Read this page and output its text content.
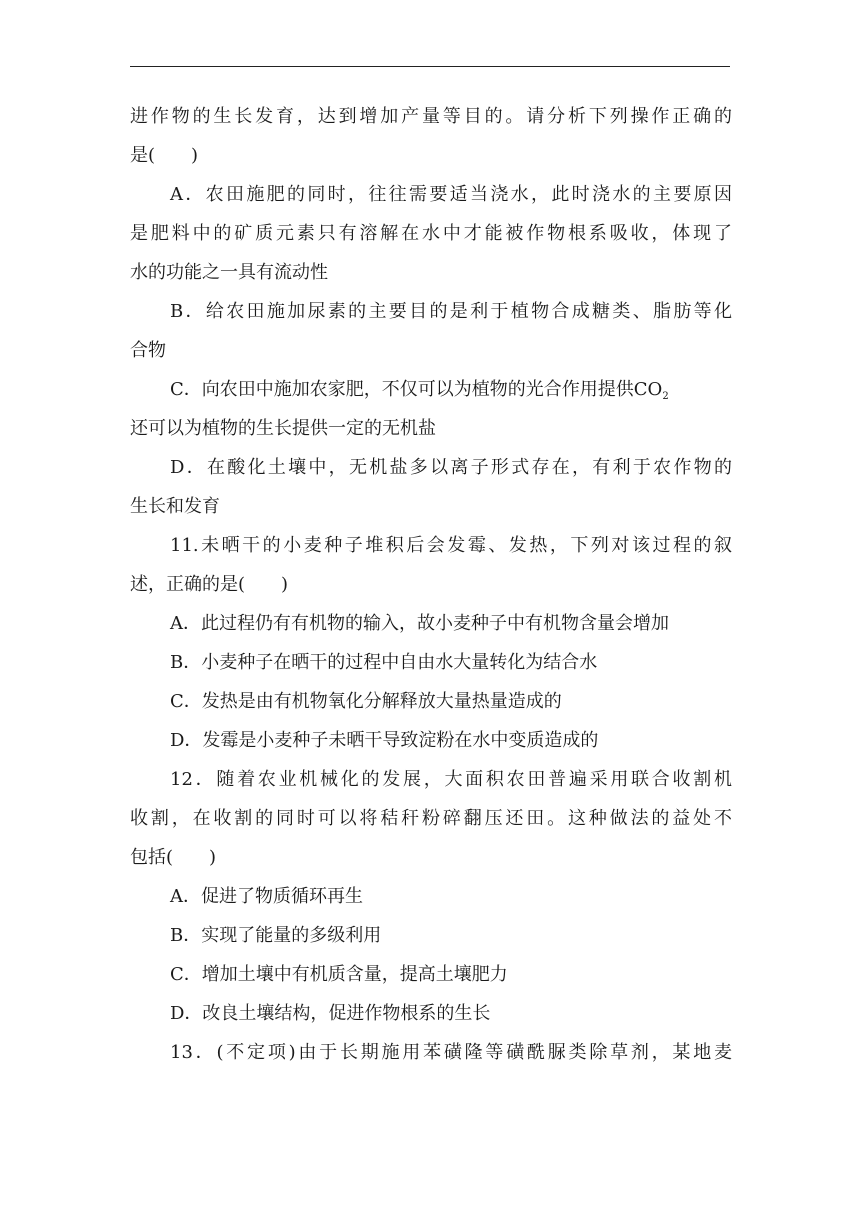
进作物的生长发育，达到增加产量等目的。请分析下列操作正确的
是(　　)
A．农田施肥的同时，往往需要适当浇水，此时浇水的主要原因
是肥料中的矿质元素只有溶解在水中才能被作物根系吸收，体现了
水的功能之一具有流动性
B．给农田施加尿素的主要目的是利于植物合成糖类、脂肪等化
合物
C．向农田中施加农家肥，不仅可以为植物的光合作用提供$CO_2$
还可以为植物的生长提供一定的无机盐
D．在酸化土壤中，无机盐多以离子形式存在，有利于农作物的
生长和发育
11.未晒干的小麦种子堆积后会发霉、发热，下列对该过程的叙
述，正确的是(　　)
A．此过程仍有有机物的输入，故小麦种子中有机物含量会增加
B．小麦种子在晒干的过程中自由水大量转化为结合水
C．发热是由有机物氧化分解释放大量热量造成的
D．发霉是小麦种子未晒干导致淀粉在水中变质造成的
12．随着农业机械化的发展，大面积农田普遍采用联合收割机
收割，在收割的同时可以将秸秆粉碎翻压还田。这种做法的益处不
包括(　　)
A．促进了物质循环再生
B．实现了能量的多级利用
C．增加土壤中有机质含量，提高土壤肥力
D．改良土壤结构，促进作物根系的生长
13．(不定项)由于长期施用苯磺隆等磺酰脲类除草剂，某地麦
